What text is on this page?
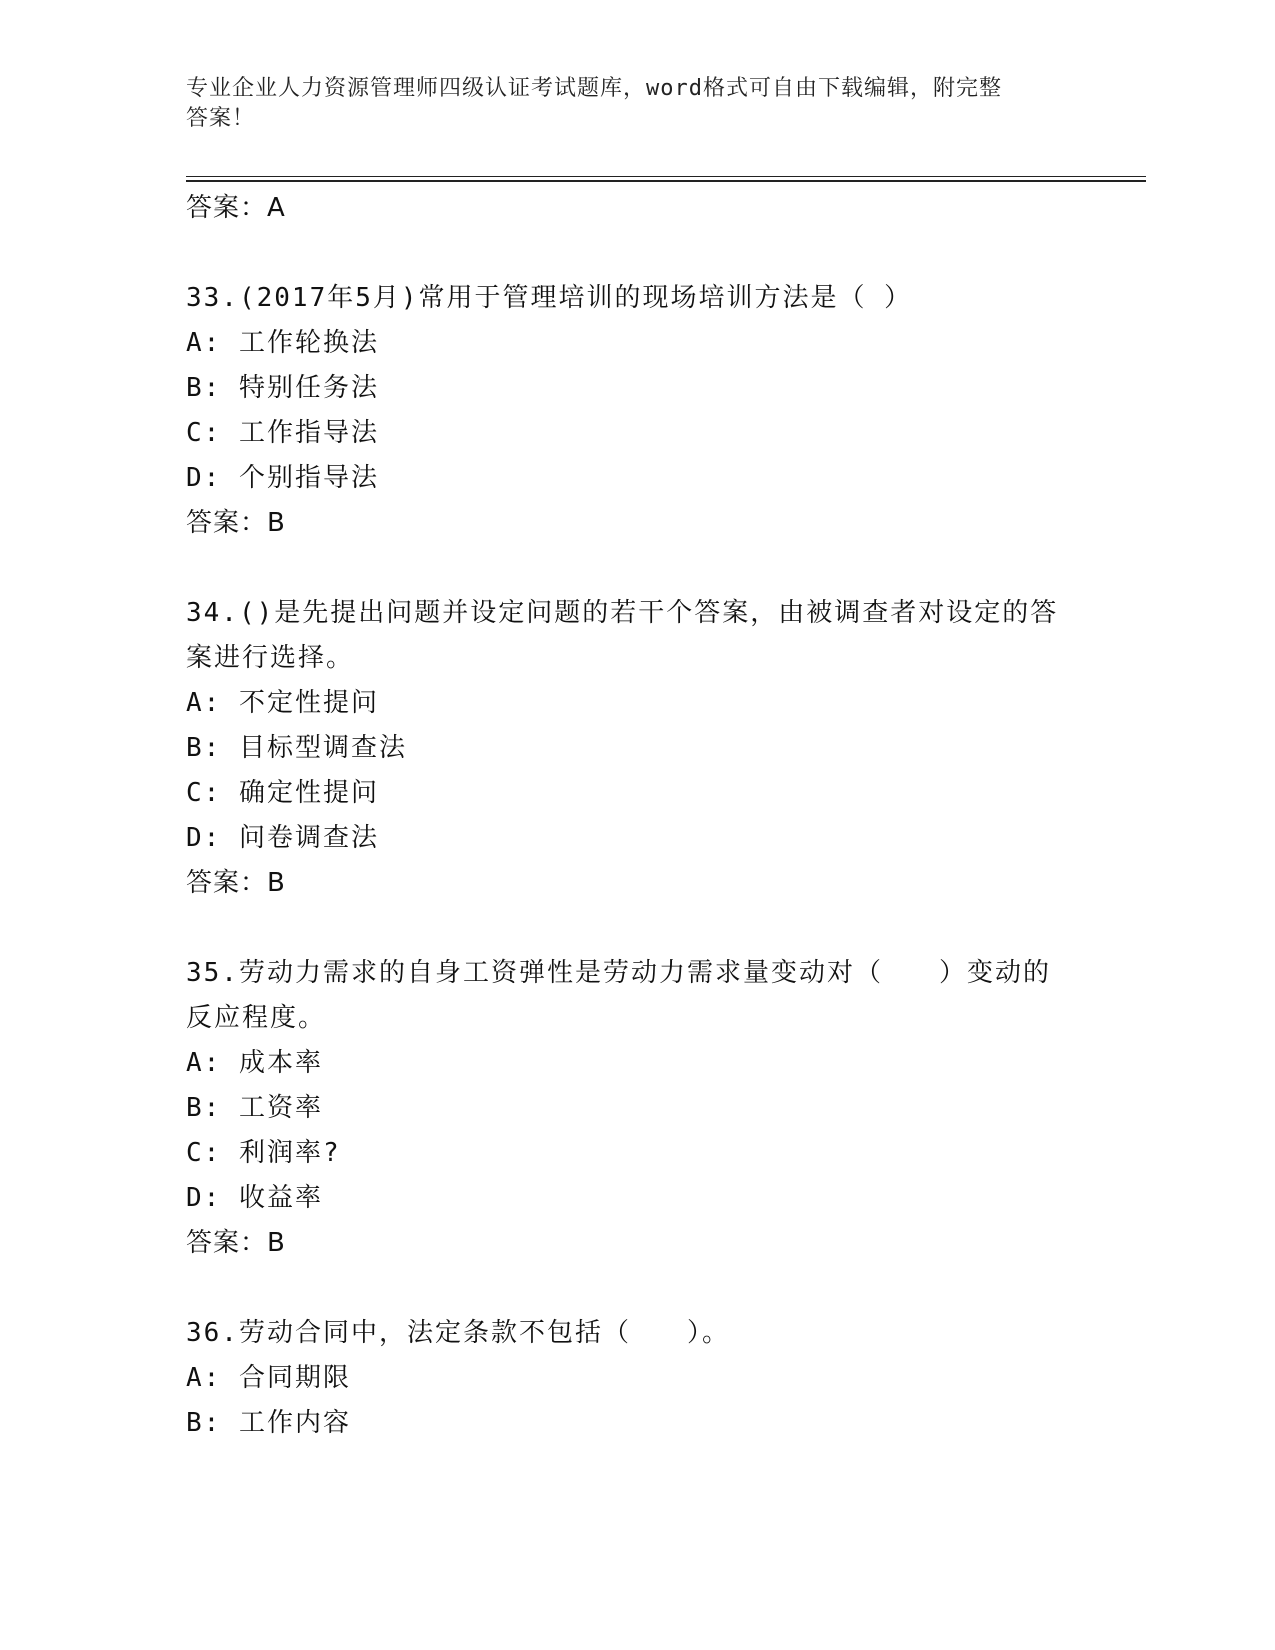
专业企业人力资源管理师四级认证考试题库，word格式可自由下载编辑，附完整
答案！
答案：A
33.(2017年5月)常用于管理培训的现场培训方法是（ ）
A: 工作轮换法
B: 特别任务法
C: 工作指导法
D: 个别指导法
答案：B
34.()是先提出问题并设定问题的若干个答案，由被调查者对设定的答
案进行选择。
A: 不定性提问
B: 目标型调查法
C: 确定性提问
D: 问卷调查法
答案：B
35.劳动力需求的自身工资弹性是劳动力需求量变动对（　　）变动的
反应程度。
A: 成本率
B: 工资率
C: 利润率?
D: 收益率
答案：B
36.劳动合同中，法定条款不包括（　　）。
A: 合同期限
B: 工作内容
